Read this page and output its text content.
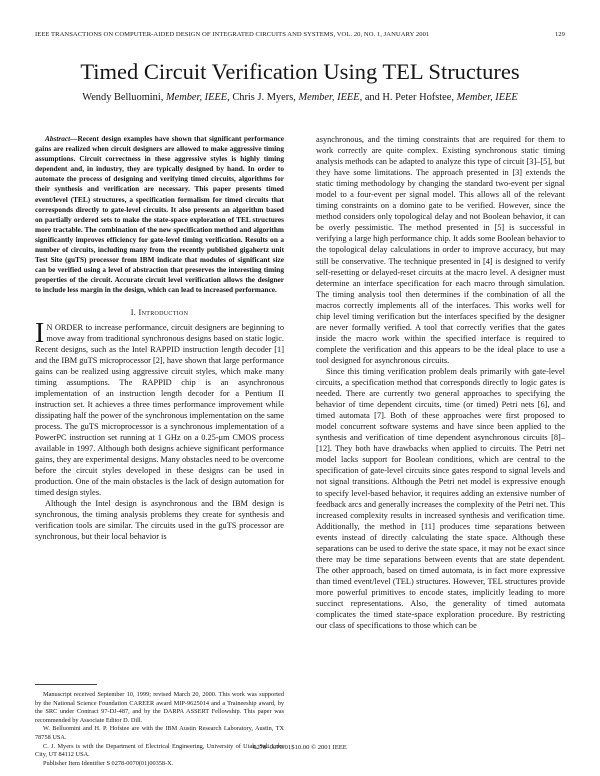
IEEE TRANSACTIONS ON COMPUTER-AIDED DESIGN OF INTEGRATED CIRCUITS AND SYSTEMS, VOL. 20, NO. 1, JANUARY 2001	129
Timed Circuit Verification Using TEL Structures
Wendy Belluomini, Member, IEEE, Chris J. Myers, Member, IEEE, and H. Peter Hofstee, Member, IEEE

Abstract—Recent design examples have shown that significant performance gains are realized when circuit designers are allowed to make aggressive timing assumptions. Circuit correctness in these aggressive styles is highly timing dependent and, in industry, they are typically designed by hand. In order to automate the process of designing and verifying timed circuits, algorithms for their synthesis and verification are necessary. This paper presents timed event/level (TEL) structures, a specification formalism for timed circuits that corresponds directly to gate-level circuits. It also presents an algorithm based on partially ordered sets to make the state-space exploration of TEL structures more tractable. The combination of the new specification method and algorithm significantly improves efficiency for gate-level timing verification. Results on a number of circuits, including many from the recently published gigahertz unit Test Site (guTS) processor from IBM indicate that modules of significant size can be verified using a level of abstraction that preserves the interesting timing properties of the circuit. Accurate circuit level verification allows the designer to include less margin in the design, which can lead to increased performance.

I. Introduction

I N ORDER to increase performance, circuit designers are beginning to move away from traditional synchronous designs based on static logic. Recent designs, such as the Intel RAPPID instruction length decoder [1] and the IBM guTS microprocessor [2], have shown that large performance gains can be realized using aggressive circuit styles, which make many timing assumptions. The RAPPID chip is an asynchronous implementation of an instruction length decoder for a Pentium II instruction set. It achieves a three times performance improvement while dissipating half the power of the synchronous implementation on the same process. The guTS microprocessor is a synchronous implementation of a PowerPC instruction set running at 1 GHz on a 0.25-μm CMOS process available in 1997. Although both designs achieve significant performance gains, they are experimental designs. Many obstacles need to be overcome before the circuit styles developed in these designs can be used in production. One of the main obstacles is the lack of design automation for timed design styles.

Although the Intel design is asynchronous and the IBM design is synchronous, the timing analysis problems they create for synthesis and verification tools are similar. The circuits used in the guTS processor are synchronous, but their local behavior is

asynchronous, and the timing constraints that are required for them to work correctly are quite complex. Existing synchronous static timing analysis methods can be adapted to analyze this type of circuit [3]–[5], but they have some limitations. The approach presented in [3] extends the static timing methodology by changing the standard two-event per signal model to a four-event per signal model. This allows all of the relevant timing constraints on a domino gate to be verified. However, since the method considers only topological delay and not Boolean behavior, it can be overly pessimistic. The method presented in [5] is successful in verifying a large high performance chip. It adds some Boolean behavior to the topological delay calculations in order to improve accuracy, but may still be conservative. The technique presented in [4] is designed to verify self-resetting or delayed-reset circuits at the macro level. A designer must determine an interface specification for each macro through simulation. The timing analysis tool then determines if the combination of all the macros correctly implements all of the interfaces. This works well for chip level timing verification but the interfaces specified by the designer are never formally verified. A tool that correctly verifies that the gates inside the macro work within the specified interface is required to complete the verification and this appears to be the ideal place to use a tool designed for asynchronous circuits.

Since this timing verification problem deals primarily with gate-level circuits, a specification method that corresponds directly to logic gates is needed. There are currently two general approaches to specifying the behavior of time dependent circuits, time (or timed) Petri nets [6], and timed automata [7]. Both of these approaches were first proposed to model concurrent software systems and have since been applied to the synthesis and verification of time dependent asynchronous circuits [8]–[12]. They both have drawbacks when applied to circuits. The Petri net model lacks support for Boolean conditions, which are central to the specification of gate-level circuits since gates respond to signal levels and not signal transitions. Although the Petri net model is expressive enough to specify level-based behavior, it requires adding an extensive number of feedback arcs and generally increases the complexity of the Petri net. This increased complexity results in increased synthesis and verification time. Additionally, the method in [11] produces time separations between events instead of directly calculating the state space. Although these separations can be used to derive the state space, it may not be exact since there may be time separations between events that are state dependent. The other approach, based on timed automata, is in fact more expressive than timed event/level (TEL) structures. However, TEL structures provide more powerful primitives to encode states, implicitly leading to more succinct representations. Also, the generality of timed automata complicates the timed state-space exploration procedure. By restricting our class of specifications to those which can be

Manuscript received September 10, 1999; revised March 20, 2000. This work was supported by the National Science Foundation CAREER award MIP-9625014 and a Traineeship award, by the SRC under Contract 97-DJ-487, and by the DARPA ASSERT Fellowship. This paper was recommended by Associate Editor D. Dill.

W. Belluomini and H. P. Hofstee are with the IBM Austin Research Laboratory, Austin, TX 78758 USA.

C. J. Myers is with the Department of Electrical Engineering, University of Utah, Salt Lake City, UT 84112 USA.

Publisher Item Identifier S 0278-0070(01)00358-X.

0278–0070/01$10.00 © 2001 IEEE
